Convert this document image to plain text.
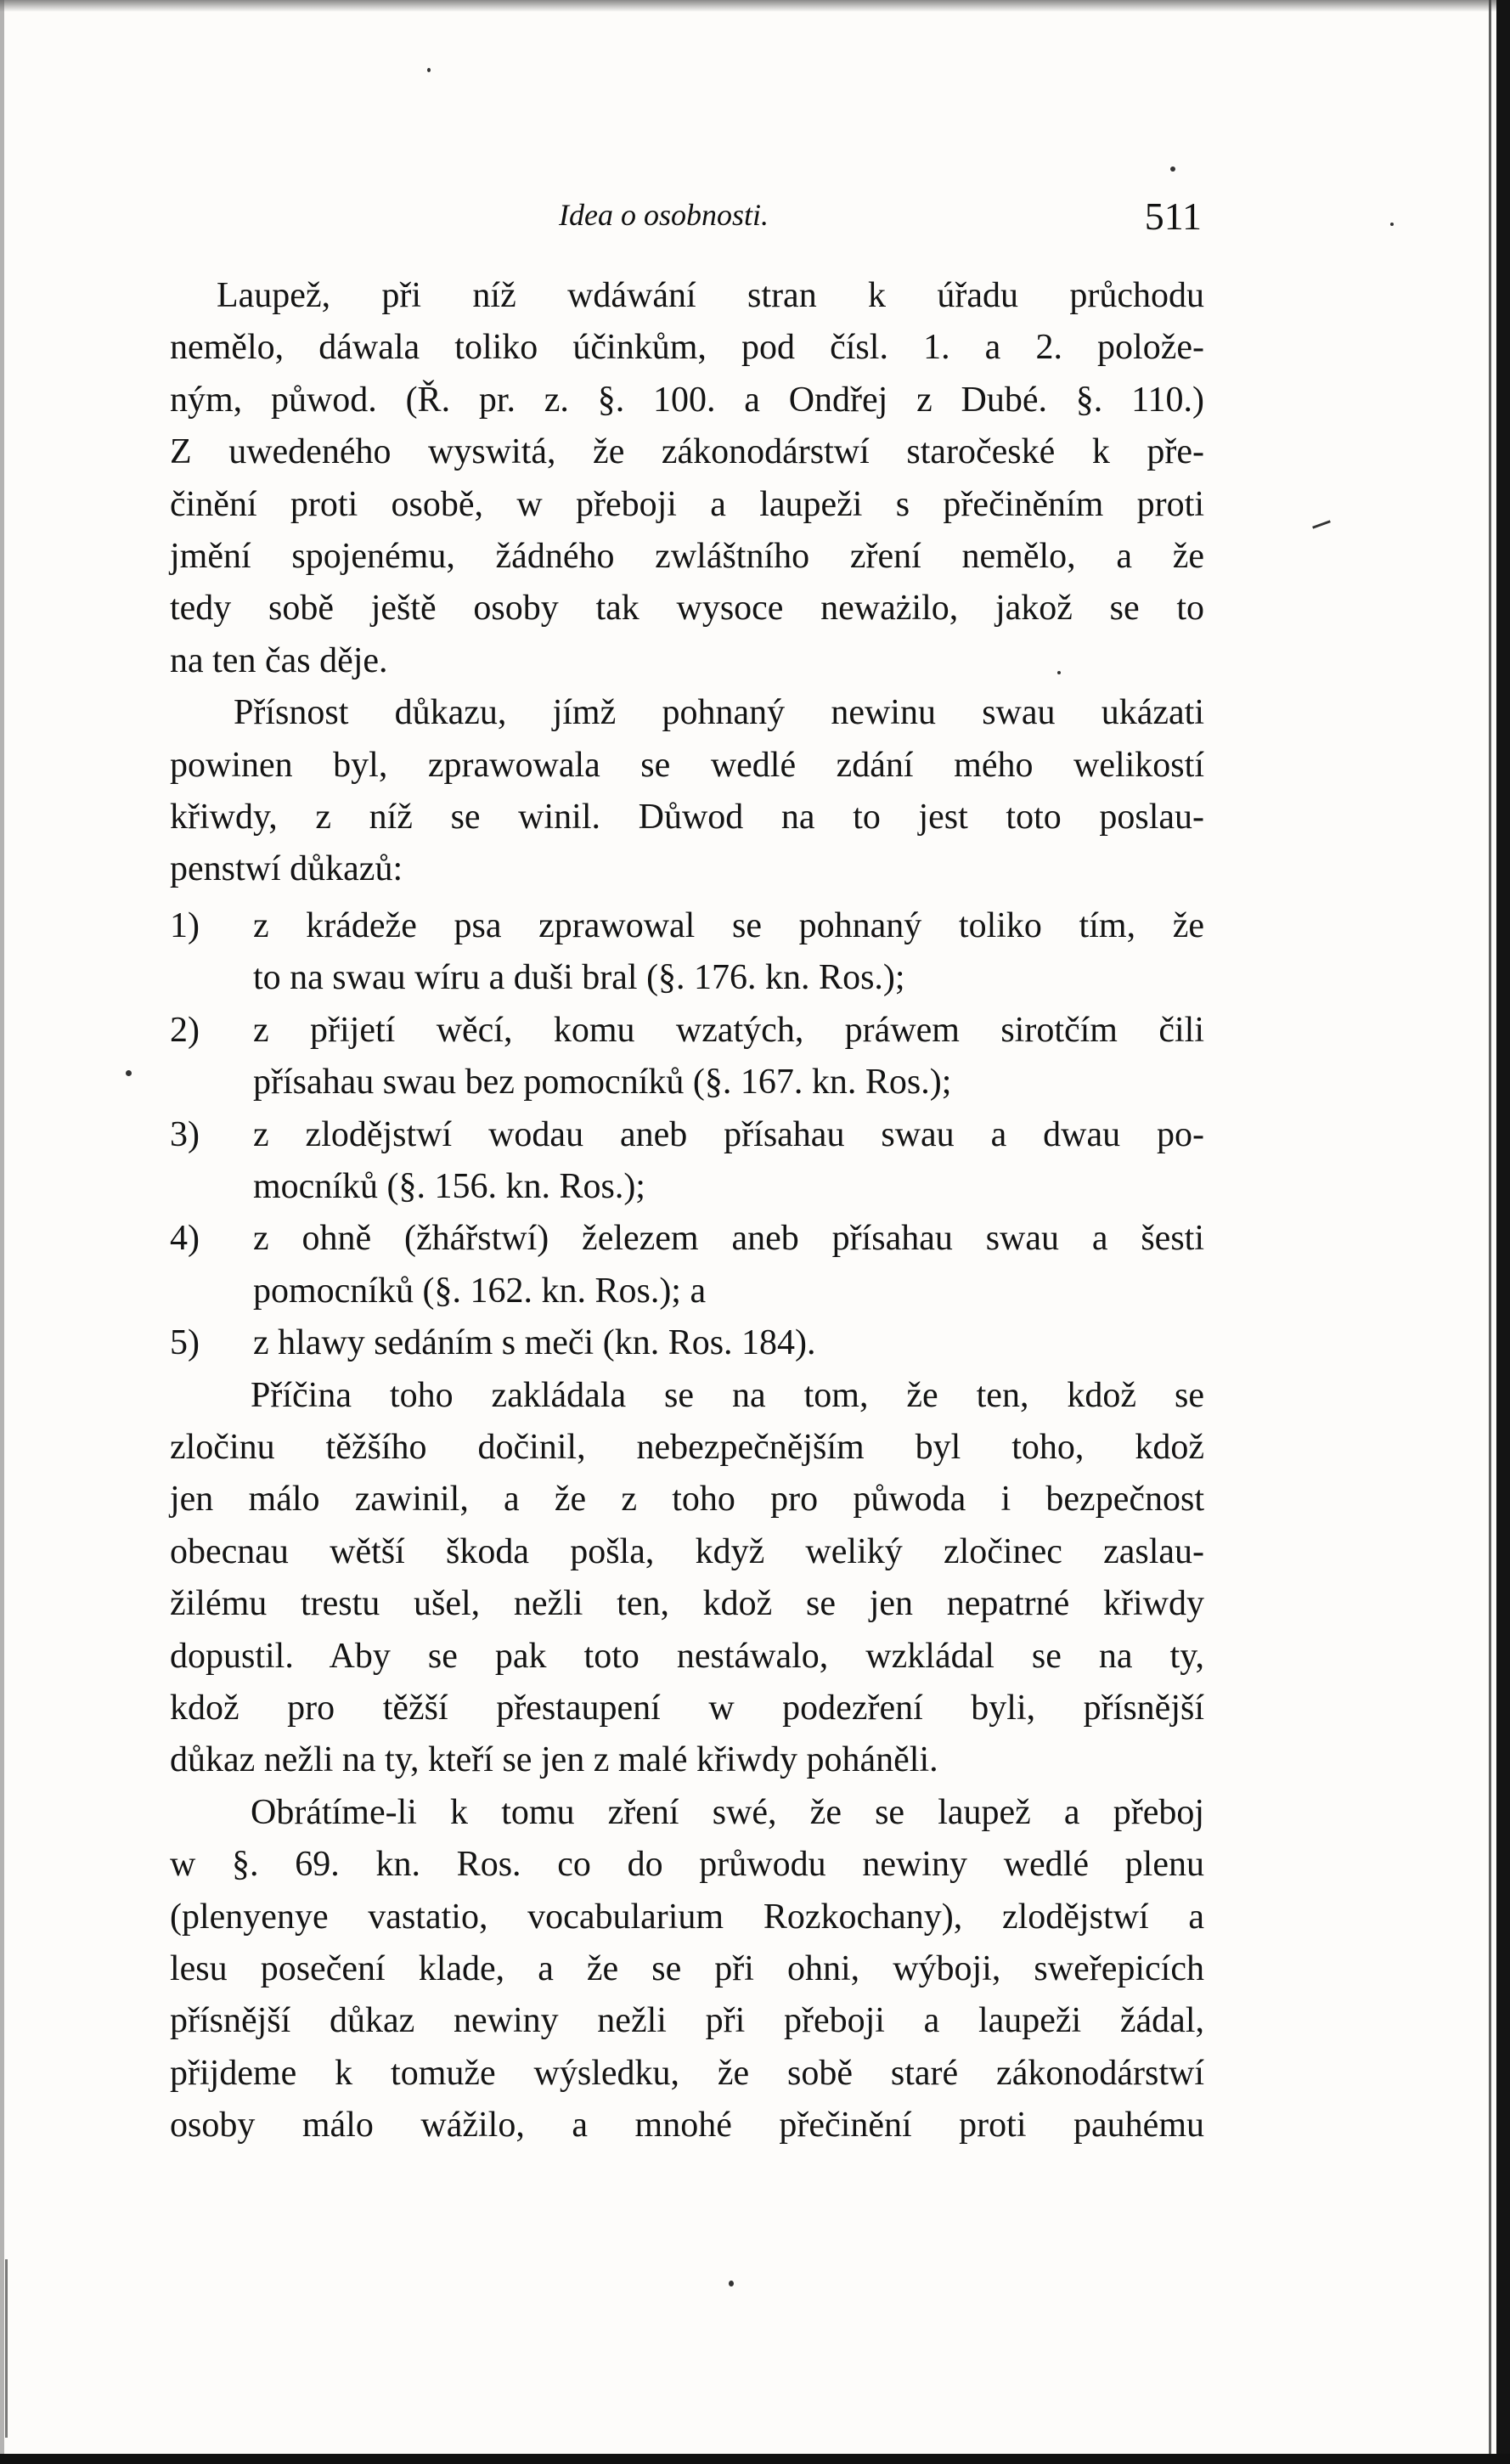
Idea o osobnosti.	511

Laupež, při níž wdáwání stran k úřadu průchodu
nemělo, dáwala toliko účinkům, pod čísl. 1. a 2. polože-
ným, půwod. (Ř. pr. z. §. 100. a Ondřej z Dubé. §. 110.)
Z uwedeného wyswitá, že zákonodárstwí staročeské k pře-
činění proti osobě, w přeboji a laupeži s přečiněním proti
jmění spojenému, žádného zwláštního zření nemělo, a že
tedy sobě ještě osoby tak wysoce neważilo, jakož se to
na ten čas děje.

Přísnost důkazu, jímž pohnaný newinu swau ukázati
powinen byl, zprawowala se wedlé zdání mého welikostí
křiwdy, z níž se winil. Důwod na to jest toto poslau-
penstwí důkazů:

1) z krádeže psa zprawowal se pohnaný toliko tím, že
to na swau wíru a duši bral (§. 176. kn. Ros.);
2) z přijetí wěcí, komu wzatých, práwem sirotčím čili
přísahau swau bez pomocníků (§. 167. kn. Ros.);
3) z zlodějstwí wodau aneb přísahau swau a dwau po-
mocníků (§. 156. kn. Ros.);
4) z ohně (žhářstwí) železem aneb přísahau swau a šesti
pomocníků (§. 162. kn. Ros.); a
5) z hlawy sedáním s meči (kn. Ros. 184).

Příčina toho zakládala se na tom, že ten, kdož se
zločinu těžšího dočinil, nebezpečnějším byl toho, kdož
jen málo zawinil, a že z toho pro půwoda i bezpečnost
obecnau wětší škoda pošla, když weliký zločinec zaslau-
žilému trestu ušel, nežli ten, kdož se jen nepatrné křiwdy
dopustil. Aby se pak toto nestáwalo, wzkládal se na ty,
kdož pro těžší přestaupení w podezření byli, přísnější
důkaz nežli na ty, kteří se jen z malé křiwdy poháněli.

Obrátíme-li k tomu zření swé, že se laupež a přeboj
w §. 69. kn. Ros. co do průwodu newiny wedlé plenu
(plenyenye vastatio, vocabularium Rozkochany), zlodějstwí a
lesu posečení klade, a že se při ohni, wýboji, sweřepicích
přísnější důkaz newiny nežli při přeboji a laupeži žádal,
přijdeme k tomuže wýsledku, že sobě staré zákonodárstwí
osoby málo wážilo, a mnohé přečinění proti pauhému
